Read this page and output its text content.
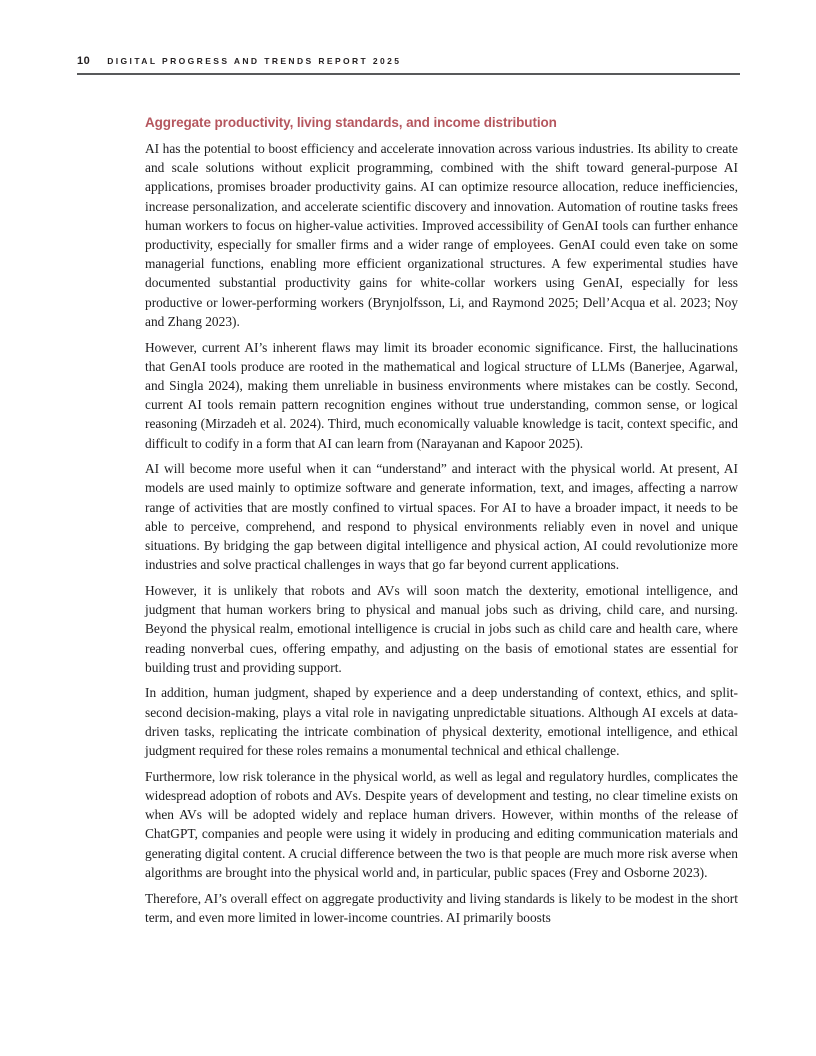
10 DIGITAL PROGRESS AND TRENDS REPORT 2025
Aggregate productivity, living standards, and income distribution

AI has the potential to boost efficiency and accelerate innovation across various industries. Its ability to create and scale solutions without explicit programming, combined with the shift toward general-purpose AI applications, promises broader productivity gains. AI can optimize resource allocation, reduce inefficiencies, increase personalization, and accelerate scientific discovery and innovation. Automation of routine tasks frees human workers to focus on higher-value activities. Improved accessibility of GenAI tools can further enhance productivity, especially for smaller firms and a wider range of employees. GenAI could even take on some managerial functions, enabling more efficient organizational structures. A few experimental studies have documented substantial productivity gains for white-collar workers using GenAI, especially for less productive or lower-performing workers (Brynjolfsson, Li, and Raymond 2025; Dell’Acqua et al. 2023; Noy and Zhang 2023).

However, current AI’s inherent flaws may limit its broader economic significance. First, the hallucinations that GenAI tools produce are rooted in the mathematical and logical structure of LLMs (Banerjee, Agarwal, and Singla 2024), making them unreliable in business environments where mistakes can be costly. Second, current AI tools remain pattern recognition engines without true understanding, common sense, or logical reasoning (Mirzadeh et al. 2024). Third, much economically valuable knowledge is tacit, context specific, and difficult to codify in a form that AI can learn from (Narayanan and Kapoor 2025).

AI will become more useful when it can “understand” and interact with the physical world. At present, AI models are used mainly to optimize software and generate information, text, and images, affecting a narrow range of activities that are mostly confined to virtual spaces. For AI to have a broader impact, it needs to be able to perceive, comprehend, and respond to physical environments reliably even in novel and unique situations. By bridging the gap between digital intelligence and physical action, AI could revolutionize more industries and solve practical challenges in ways that go far beyond current applications.

However, it is unlikely that robots and AVs will soon match the dexterity, emotional intelligence, and judgment that human workers bring to physical and manual jobs such as driving, child care, and nursing. Beyond the physical realm, emotional intelligence is crucial in jobs such as child care and health care, where reading nonverbal cues, offering empathy, and adjusting on the basis of emotional states are essential for building trust and providing support.

In addition, human judgment, shaped by experience and a deep understanding of context, ethics, and split-second decision-making, plays a vital role in navigating unpredictable situations. Although AI excels at data-driven tasks, replicating the intricate combination of physical dexterity, emotional intelligence, and ethical judgment required for these roles remains a monumental technical and ethical challenge.

Furthermore, low risk tolerance in the physical world, as well as legal and regulatory hurdles, complicates the widespread adoption of robots and AVs. Despite years of development and testing, no clear timeline exists on when AVs will be adopted widely and replace human drivers. However, within months of the release of ChatGPT, companies and people were using it widely in producing and editing communication materials and generating digital content. A crucial difference between the two is that people are much more risk averse when algorithms are brought into the physical world and, in particular, public spaces (Frey and Osborne 2023).

Therefore, AI’s overall effect on aggregate productivity and living standards is likely to be modest in the short term, and even more limited in lower-income countries. AI primarily boosts
